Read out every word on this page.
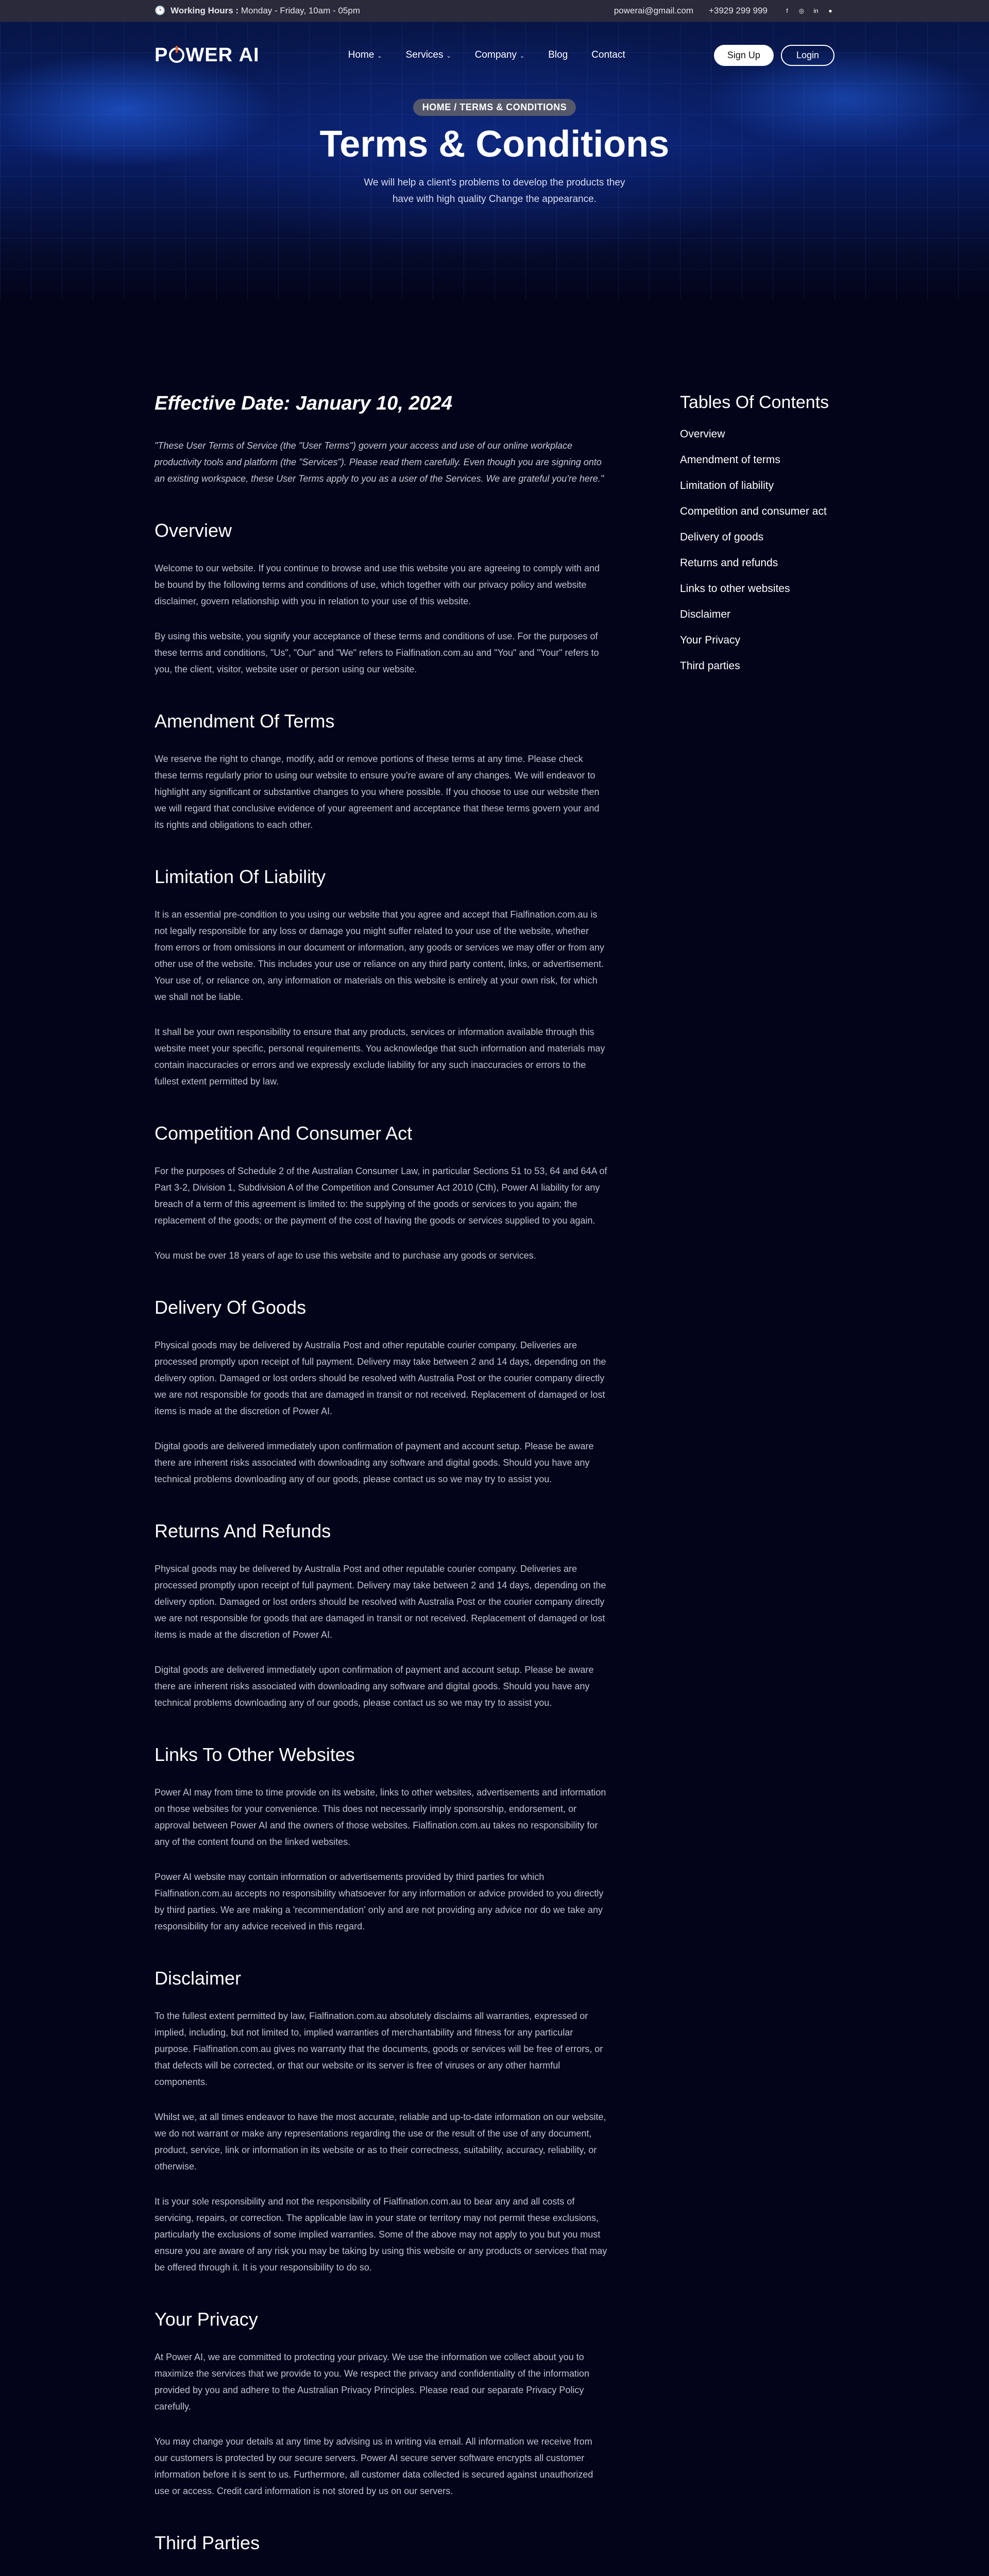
🕑 Working Hours : Monday - Friday, 10am - 05pm	powerai@gmail.com +3929 299 999	f	◎ in	●
P WER AI	Home ⌄ Services ⌄ Company ⌄ Blog Contact	Sign Up	Login
HOME / TERMS & CONDITIONS
Terms & Conditions

We will help a client's problems to develop the products they
have with high quality Change the appearance.

Effective Date: January 10, 2024

"These User Terms of Service (the "User Terms") govern your access and use of our online workplace productivity tools and platform (the "Services"). Please read them carefully. Even though you are signing onto an existing workspace, these User Terms apply to you as a user of the Services. We are grateful you're here."

Overview

Welcome to our website. If you continue to browse and use this website you are agreeing to comply with and be bound by the following terms and conditions of use, which together with our privacy policy and website disclaimer, govern relationship with you in relation to your use of this website.

By using this website, you signify your acceptance of these terms and conditions of use. For the purposes of these terms and conditions, "Us", "Our" and "We" refers to Fialfination.com.au and "You" and "Your" refers to you, the client, visitor, website user or person using our website.

Amendment Of Terms

We reserve the right to change, modify, add or remove portions of these terms at any time. Please check these terms regularly prior to using our website to ensure you're aware of any changes. We will endeavor to highlight any significant or substantive changes to you where possible. If you choose to use our website then we will regard that conclusive evidence of your agreement and acceptance that these terms govern your and its rights and obligations to each other.

Limitation Of Liability

It is an essential pre-condition to you using our website that you agree and accept that Fialfination.com.au is not legally responsible for any loss or damage you might suffer related to your use of the website, whether from errors or from omissions in our document or information, any goods or services we may offer or from any other use of the website. This includes your use or reliance on any third party content, links, or advertisement. Your use of, or reliance on, any information or materials on this website is entirely at your own risk, for which we shall not be liable.

It shall be your own responsibility to ensure that any products, services or information available through this website meet your specific, personal requirements. You acknowledge that such information and materials may contain inaccuracies or errors and we expressly exclude liability for any such inaccuracies or errors to the fullest extent permitted by law.

Competition And Consumer Act

For the purposes of Schedule 2 of the Australian Consumer Law, in particular Sections 51 to 53, 64 and 64A of Part 3-2, Division 1, Subdivision A of the Competition and Consumer Act 2010 (Cth), Power AI liability for any breach of a term of this agreement is limited to: the supplying of the goods or services to you again; the replacement of the goods; or the payment of the cost of having the goods or services supplied to you again.

You must be over 18 years of age to use this website and to purchase any goods or services.

Delivery Of Goods

Physical goods may be delivered by Australia Post and other reputable courier company. Deliveries are processed promptly upon receipt of full payment. Delivery may take between 2 and 14 days, depending on the delivery option. Damaged or lost orders should be resolved with Australia Post or the courier company directly we are not responsible for goods that are damaged in transit or not received. Replacement of damaged or lost items is made at the discretion of Power AI.

Digital goods are delivered immediately upon confirmation of payment and account setup. Please be aware there are inherent risks associated with downloading any software and digital goods. Should you have any technical problems downloading any of our goods, please contact us so we may try to assist you.

Returns And Refunds

Physical goods may be delivered by Australia Post and other reputable courier company. Deliveries are processed promptly upon receipt of full payment. Delivery may take between 2 and 14 days, depending on the delivery option. Damaged or lost orders should be resolved with Australia Post or the courier company directly we are not responsible for goods that are damaged in transit or not received. Replacement of damaged or lost items is made at the discretion of Power AI.

Digital goods are delivered immediately upon confirmation of payment and account setup. Please be aware there are inherent risks associated with downloading any software and digital goods. Should you have any technical problems downloading any of our goods, please contact us so we may try to assist you.

Links To Other Websites

Power AI may from time to time provide on its website, links to other websites, advertisements and information on those websites for your convenience. This does not necessarily imply sponsorship, endorsement, or approval between Power AI and the owners of those websites. Fialfination.com.au takes no responsibility for any of the content found on the linked websites.

Power AI website may contain information or advertisements provided by third parties for which Fialfination.com.au accepts no responsibility whatsoever for any information or advice provided to you directly by third parties. We are making a 'recommendation' only and are not providing any advice nor do we take any responsibility for any advice received in this regard.

Disclaimer

To the fullest extent permitted by law, Fialfination.com.au absolutely disclaims all warranties, expressed or implied, including, but not limited to, implied warranties of merchantability and fitness for any particular purpose. Fialfination.com.au gives no warranty that the documents, goods or services will be free of errors, or that defects will be corrected, or that our website or its server is free of viruses or any other harmful components.

Whilst we, at all times endeavor to have the most accurate, reliable and up-to-date information on our website, we do not warrant or make any representations regarding the use or the result of the use of any document, product, service, link or information in its website or as to their correctness, suitability, accuracy, reliability, or otherwise.

It is your sole responsibility and not the responsibility of Fialfination.com.au to bear any and all costs of servicing, repairs, or correction. The applicable law in your state or territory may not permit these exclusions, particularly the exclusions of some implied warranties. Some of the above may not apply to you but you must ensure you are aware of any risk you may be taking by using this website or any products or services that may be offered through it. It is your responsibility to do so.

Your Privacy

At Power AI, we are committed to protecting your privacy. We use the information we collect about you to maximize the services that we provide to you. We respect the privacy and confidentiality of the information provided by you and adhere to the Australian Privacy Principles. Please read our separate Privacy Policy carefully.

You may change your details at any time by advising us in writing via email. All information we receive from our customers is protected by our secure servers. Power AI secure server software encrypts all customer information before it is sent to us. Furthermore, all customer data collected is secured against unauthorized use or access. Credit card information is not stored by us on our servers.

Third Parties

Tables Of Contents
Overview
Amendment of terms
Limitation of liability
Competition and consumer act
Delivery of goods
Returns and refunds
Links to other websites
Disclaimer
Your Privacy
Third parties
